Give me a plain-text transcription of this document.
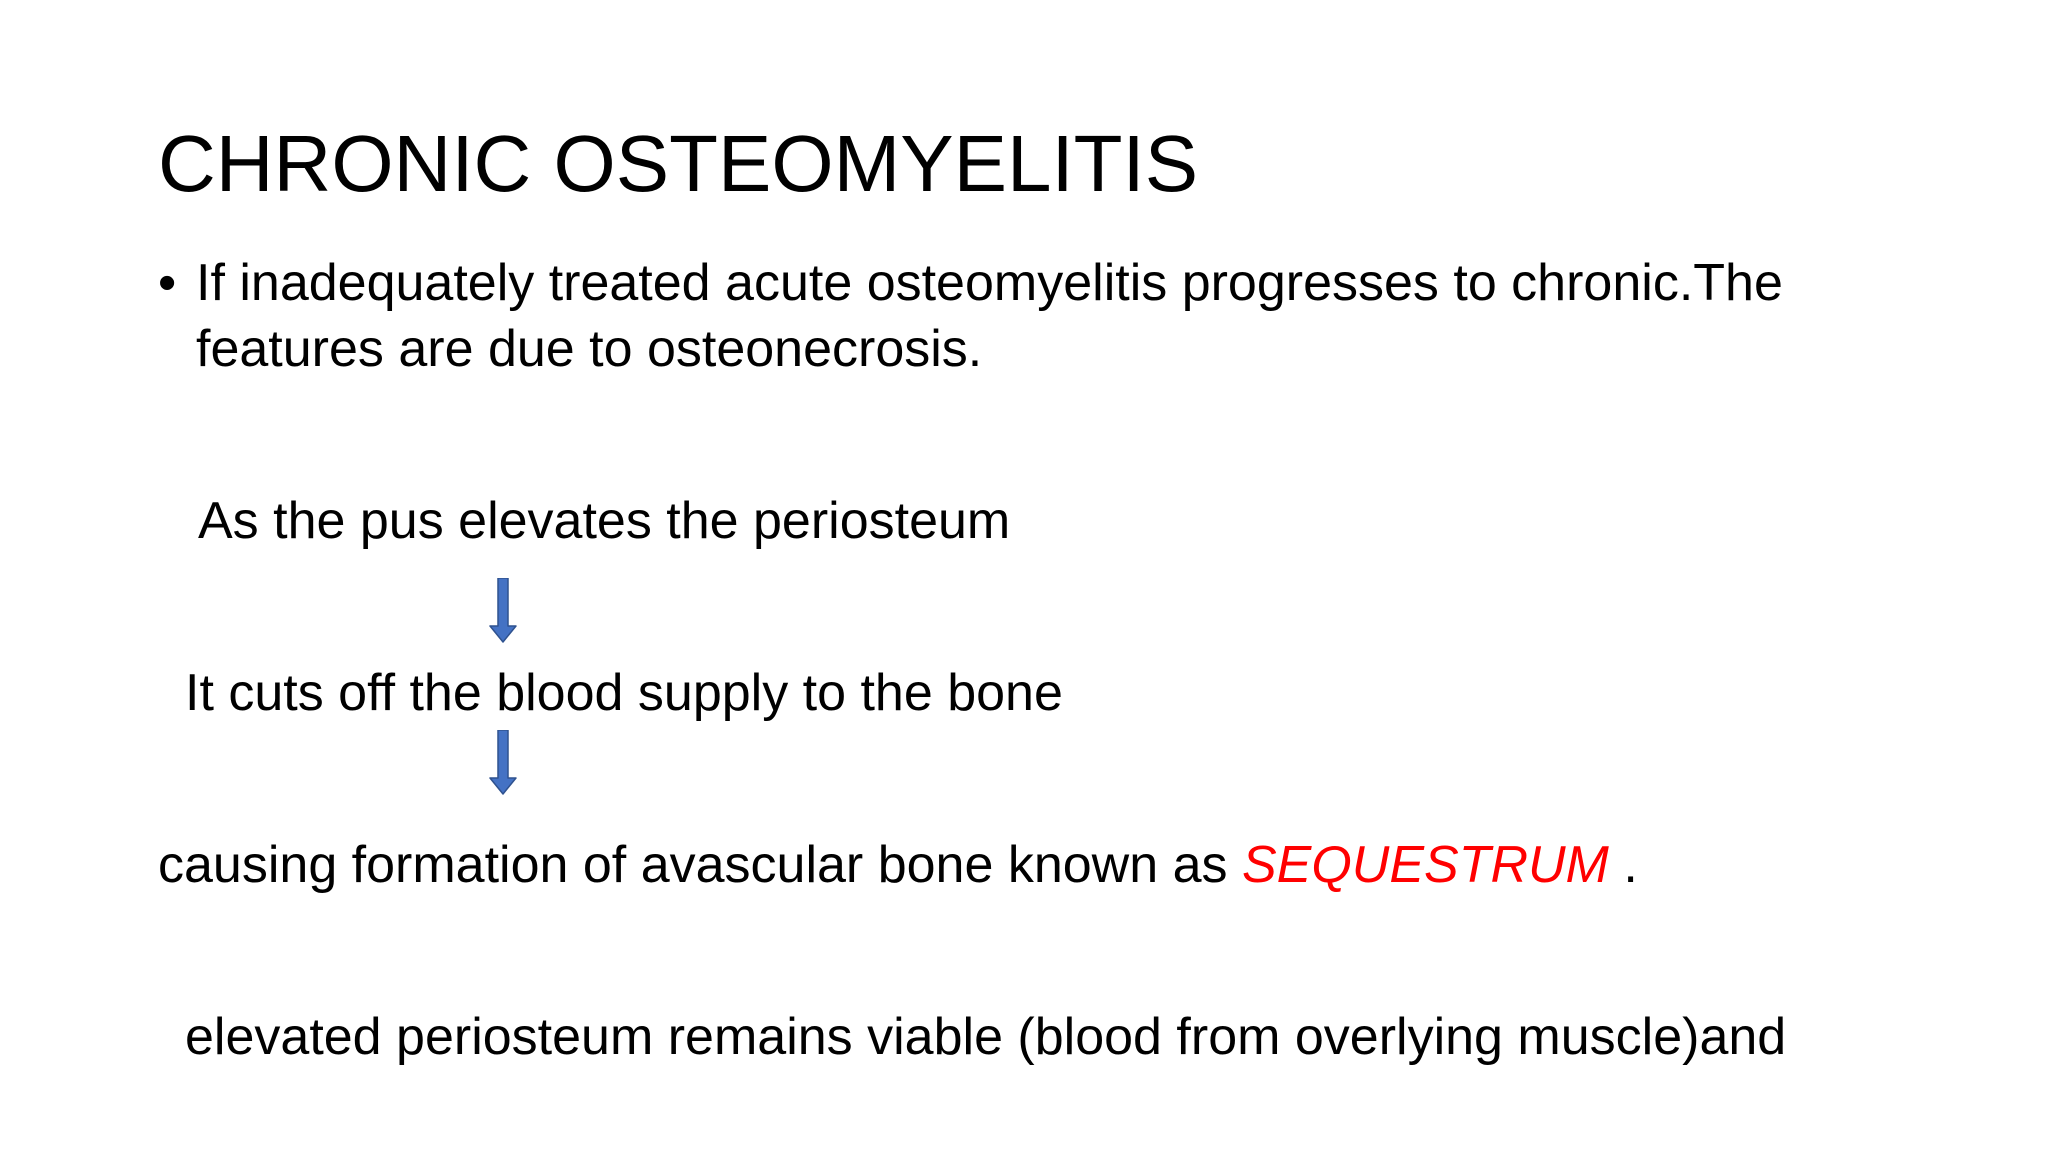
CHRONIC OSTEOMYELITIS
• If inadequately treated acute osteomyelitis progresses to chronic.The features are due to osteonecrosis.
As the pus elevates the periosteum
It cuts off the blood supply to the bone
causing formation of avascular bone known as SEQUESTRUM .
elevated periosteum remains viable (blood from overlying muscle)and
